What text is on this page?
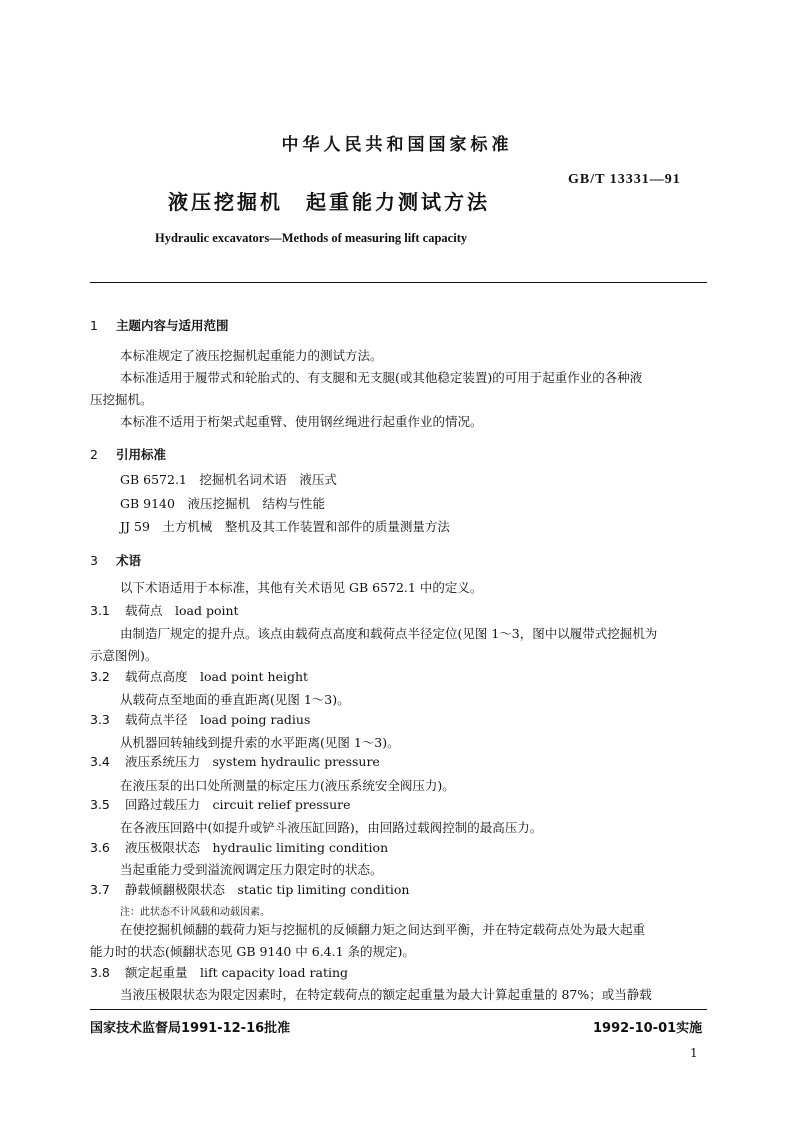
中华人民共和国国家标准
GB/T 13331—91
液压挖掘机　起重能力测试方法
Hydraulic excavators—Methods of measuring lift capacity
1 主题内容与适用范围
本标准规定了液压挖掘机起重能力的测试方法。
本标准适用于履带式和轮胎式的、有支腿和无支腿(或其他稳定装置)的可用于起重作业的各种液
压挖掘机。
本标准不适用于桁架式起重臂、使用钢丝绳进行起重作业的情况。
2 引用标准
GB 6572.1　挖掘机名词术语　液压式
GB 9140　液压挖掘机　结构与性能
JJ 59　土方机械　整机及其工作装置和部件的质量测量方法
3 术语
以下术语适用于本标准，其他有关术语见 GB 6572.1 中的定义。
3.1 载荷点　load point
由制造厂规定的提升点。该点由载荷点高度和载荷点半径定位(见图 1～3，图中以履带式挖掘机为
示意图例)。
3.2 载荷点高度　load point height
从载荷点至地面的垂直距离(见图 1～3)。
3.3 载荷点半径　load poing radius
从机器回转轴线到提升索的水平距离(见图 1～3)。
3.4 液压系统压力　system hydraulic pressure
在液压泵的出口处所测量的标定压力(液压系统安全阀压力)。
3.5 回路过载压力　circuit relief pressure
在各液压回路中(如提升或铲斗液压缸回路)，由回路过载阀控制的最高压力。
3.6 液压极限状态　hydraulic limiting condition
当起重能力受到溢流阀调定压力限定时的状态。
3.7 静载倾翻极限状态　static tip limiting condition
注：此状态不计风载和动载因素。
在使挖掘机倾翻的载荷力矩与挖掘机的反倾翻力矩之间达到平衡，并在特定载荷点处为最大起重
能力时的状态(倾翻状态见 GB 9140 中 6.4.1 条的规定)。
3.8 额定起重量　lift capacity load rating
当液压极限状态为限定因素时，在特定载荷点的额定起重量为最大计算起重量的 87%；或当静载
国家技术监督局1991-12-16批准	1992-10-01实施
1
